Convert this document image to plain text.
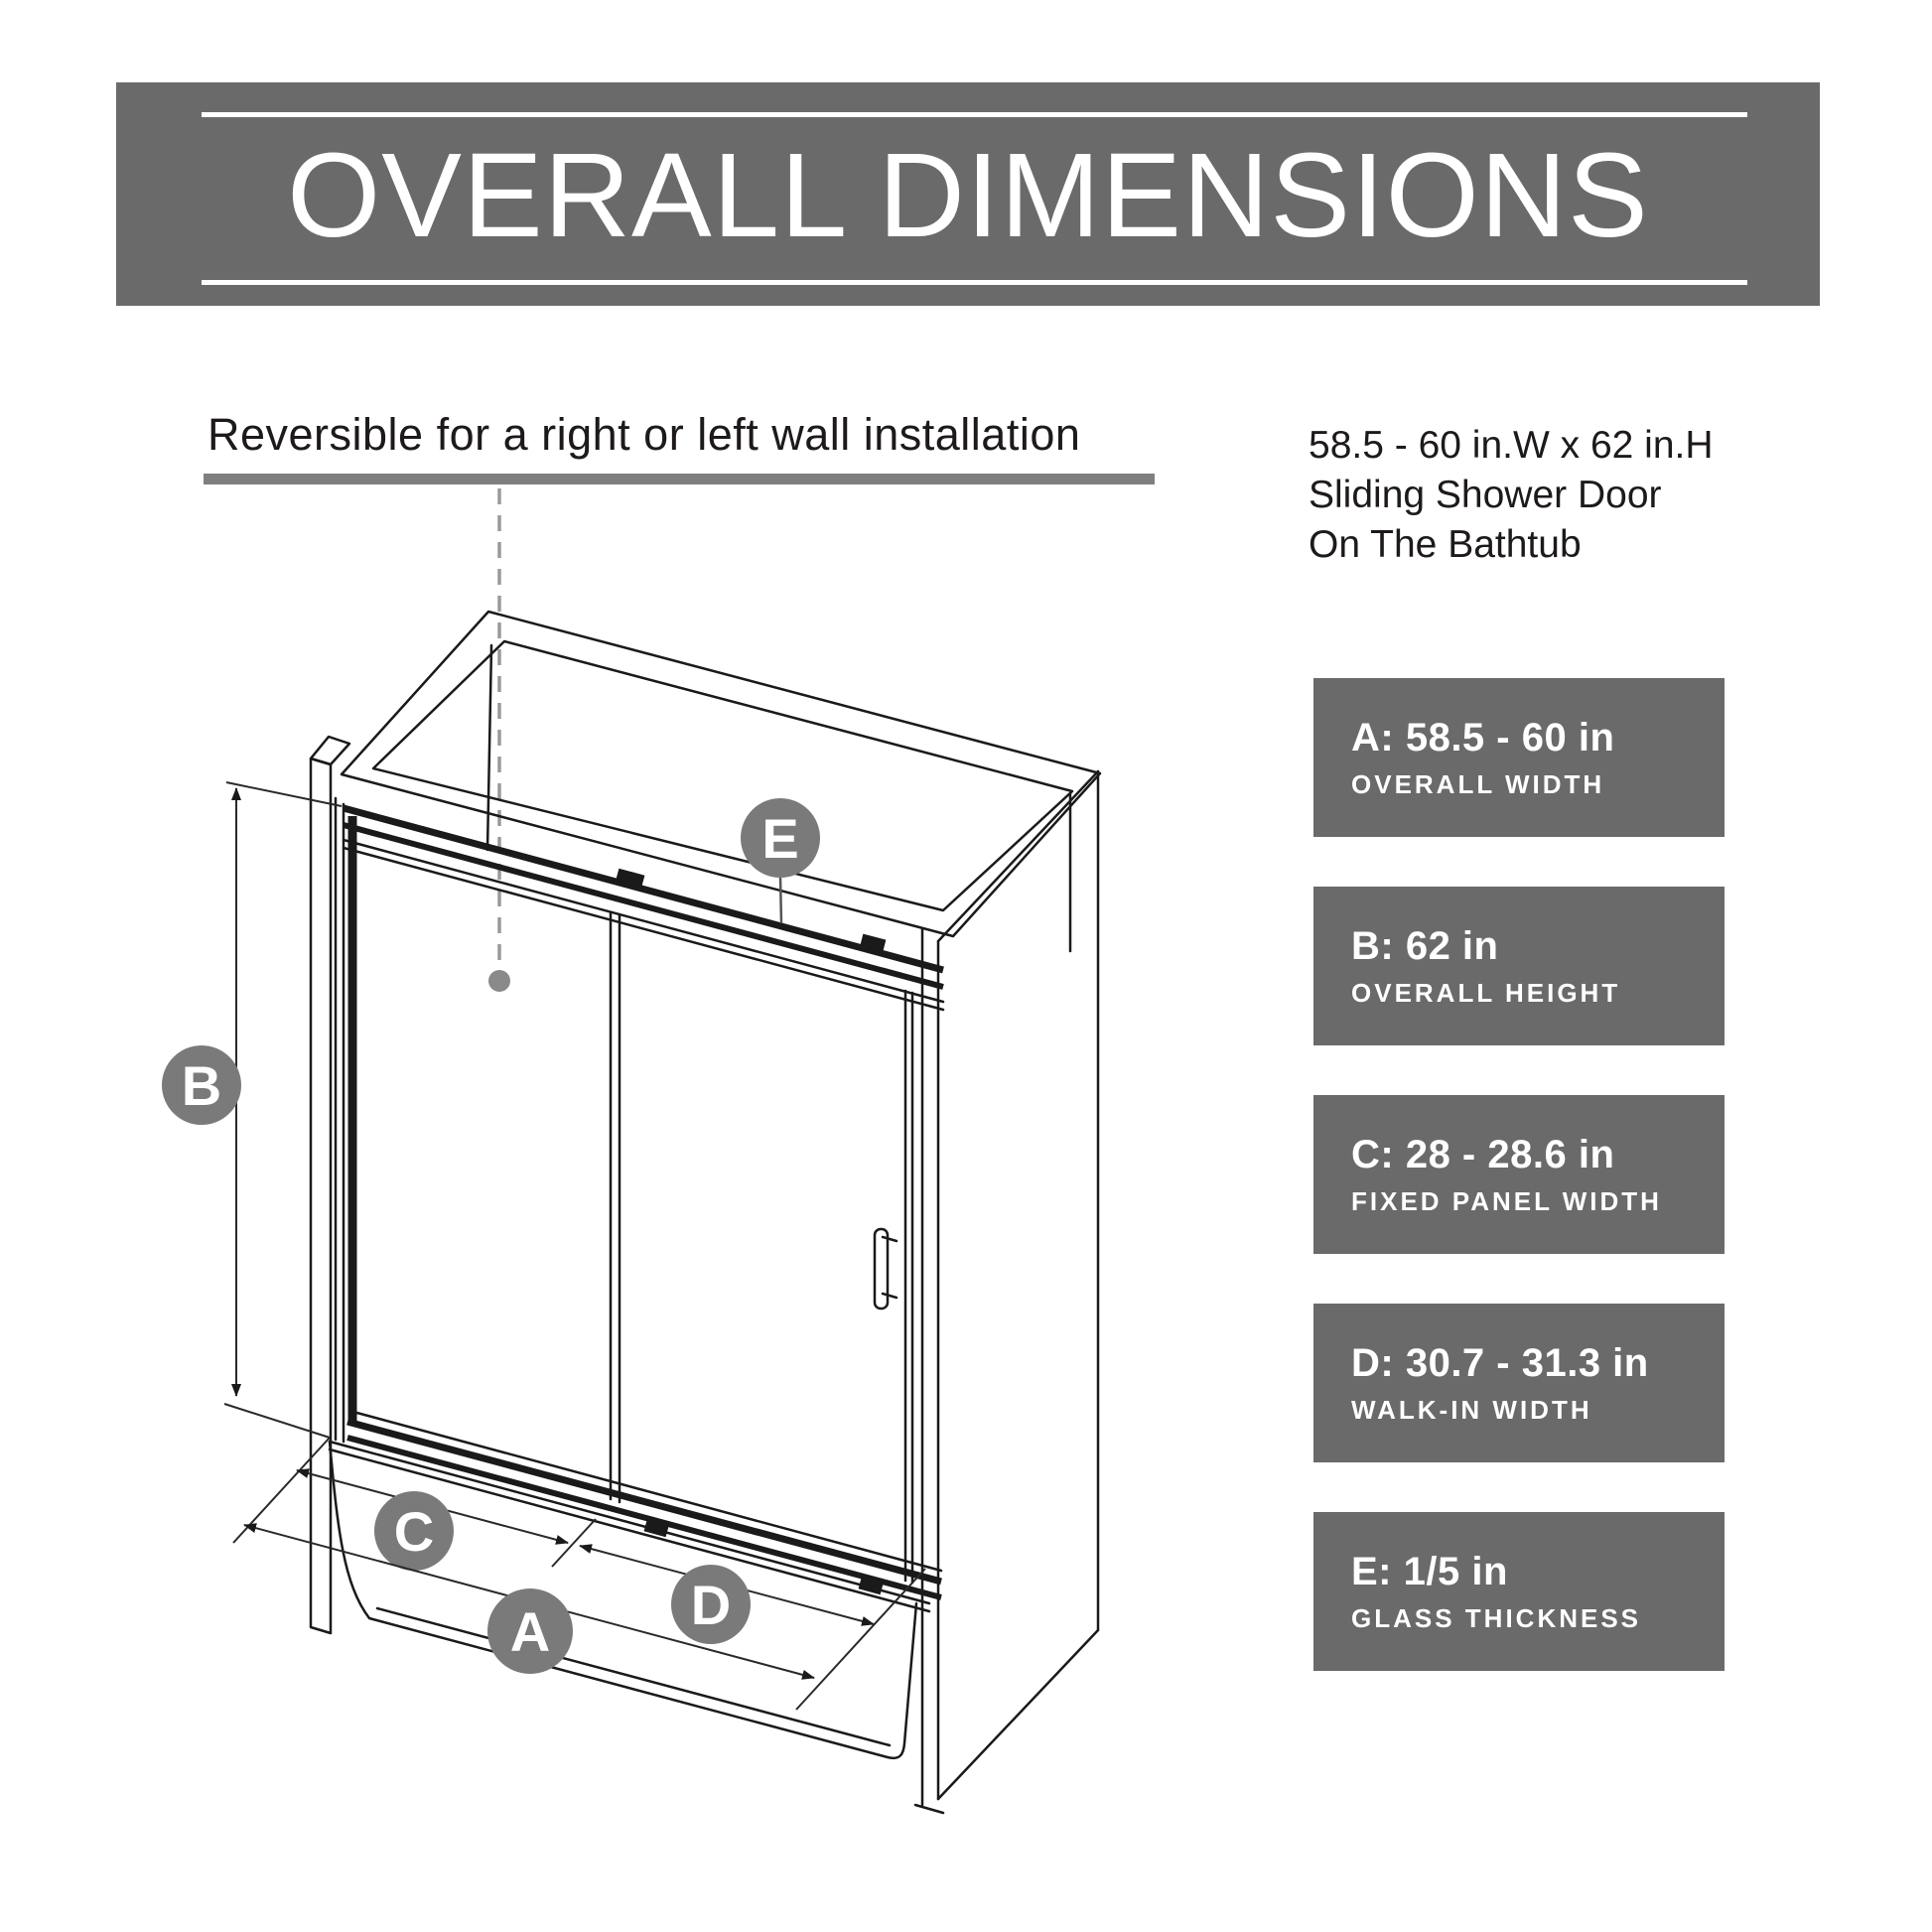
OVERALL DIMENSIONS
Reversible for a right or left wall installation	58.5 - 60 in.W x 62 in.H
Sliding Shower Door
On The Bathtub
A: 58.5 - 60 in
OVERALL WIDTH
B: 62 in
OVERALL HEIGHT
C: 28 - 28.6 in
FIXED PANEL WIDTH
D: 30.7 - 31.3 in
WALK-IN WIDTH
E: 1/5 in
GLASS THICKNESS
B
C
D
A
E
